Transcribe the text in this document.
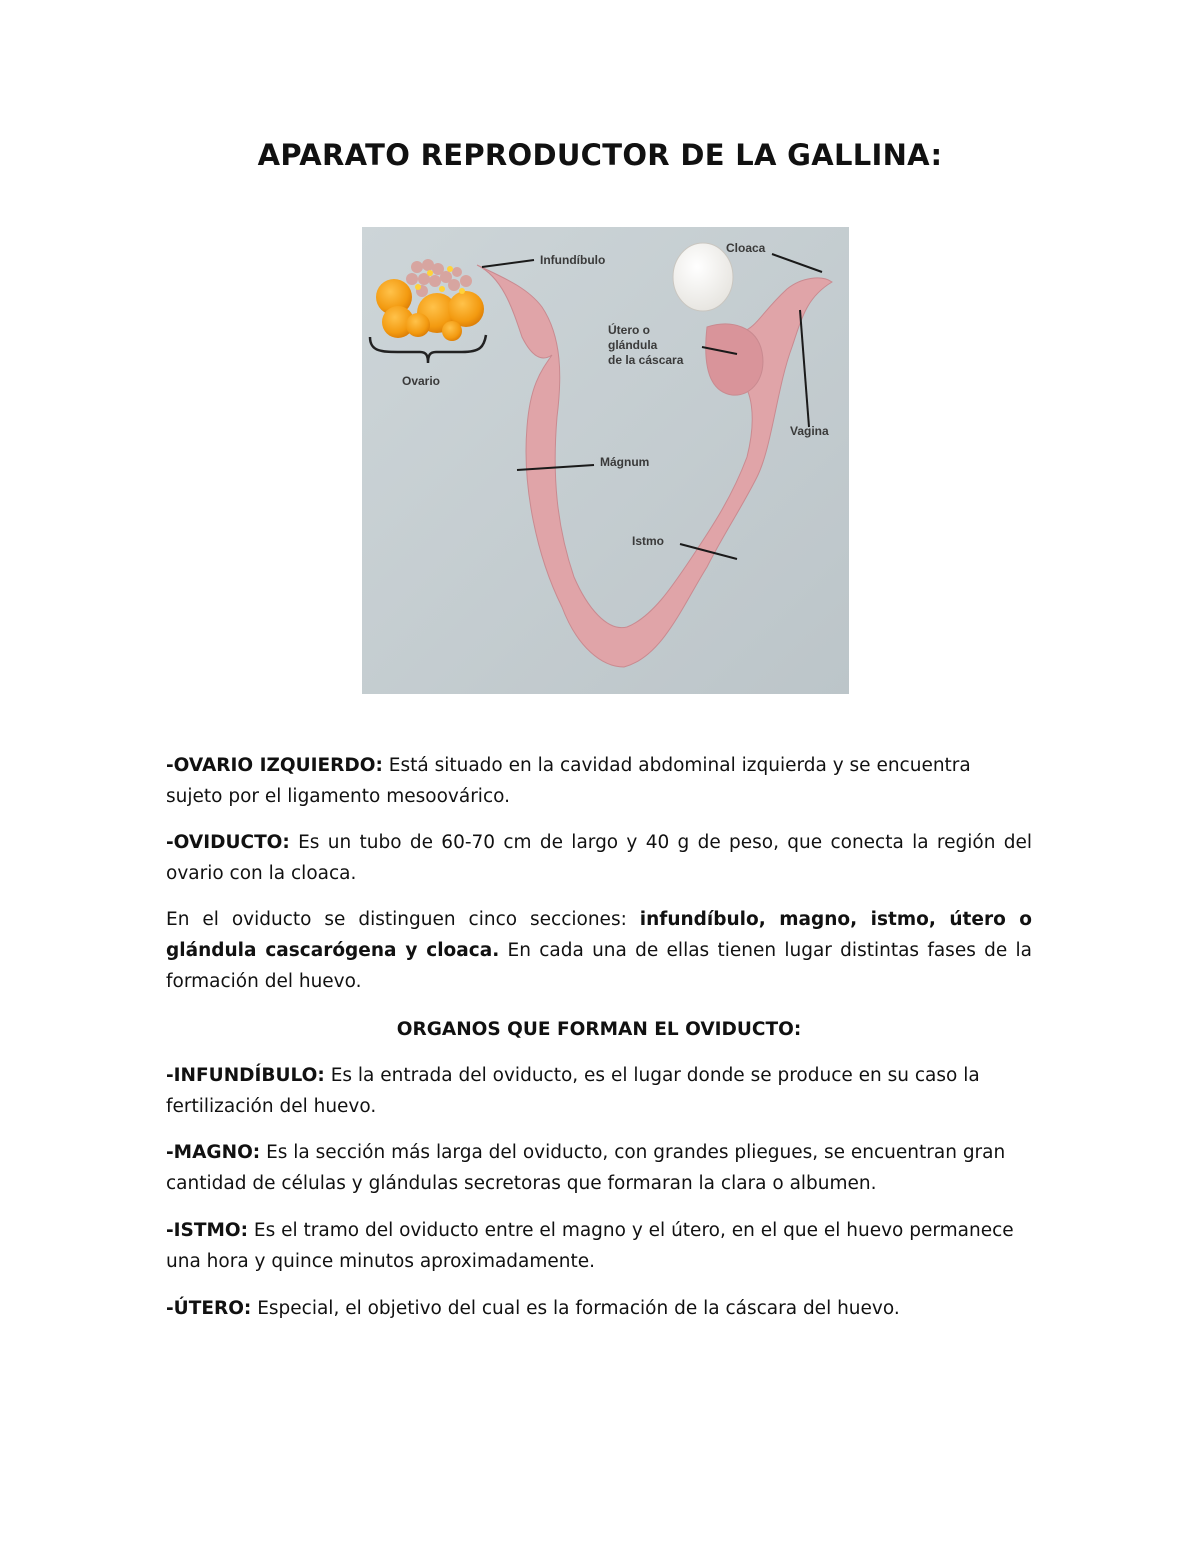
APARATO REPRODUCTOR DE LA GALLINA:
Infundíbulo
Cloaca
Útero o
glándula
de la cáscara
Ovario
Vagina
Mágnum
Istmo

-OVARIO IZQUIERDO: Está situado en la cavidad abdominal izquierda y se encuentra sujeto por el ligamento mesoovárico.

-OVIDUCTO: Es un tubo de 60-70 cm de largo y 40 g de peso, que conecta la región del ovario con la cloaca.

En el oviducto se distinguen cinco secciones: infundíbulo, magno, istmo, útero o glándula cascarógena y cloaca. En cada una de ellas tienen lugar distintas fases de la formación del huevo.

ORGANOS QUE FORMAN EL OVIDUCTO:

-INFUNDÍBULO: Es la entrada del oviducto, es el lugar donde se produce en su caso la fertilización del huevo.

-MAGNO: Es la sección más larga del oviducto, con grandes pliegues, se encuentran gran cantidad de células y glándulas secretoras que formaran la clara o albumen.

-ISTMO: Es el tramo del oviducto entre el magno y el útero, en el que el huevo permanece una hora y quince minutos aproximadamente.

-ÚTERO: Especial, el objetivo del cual es la formación de la cáscara del huevo.
